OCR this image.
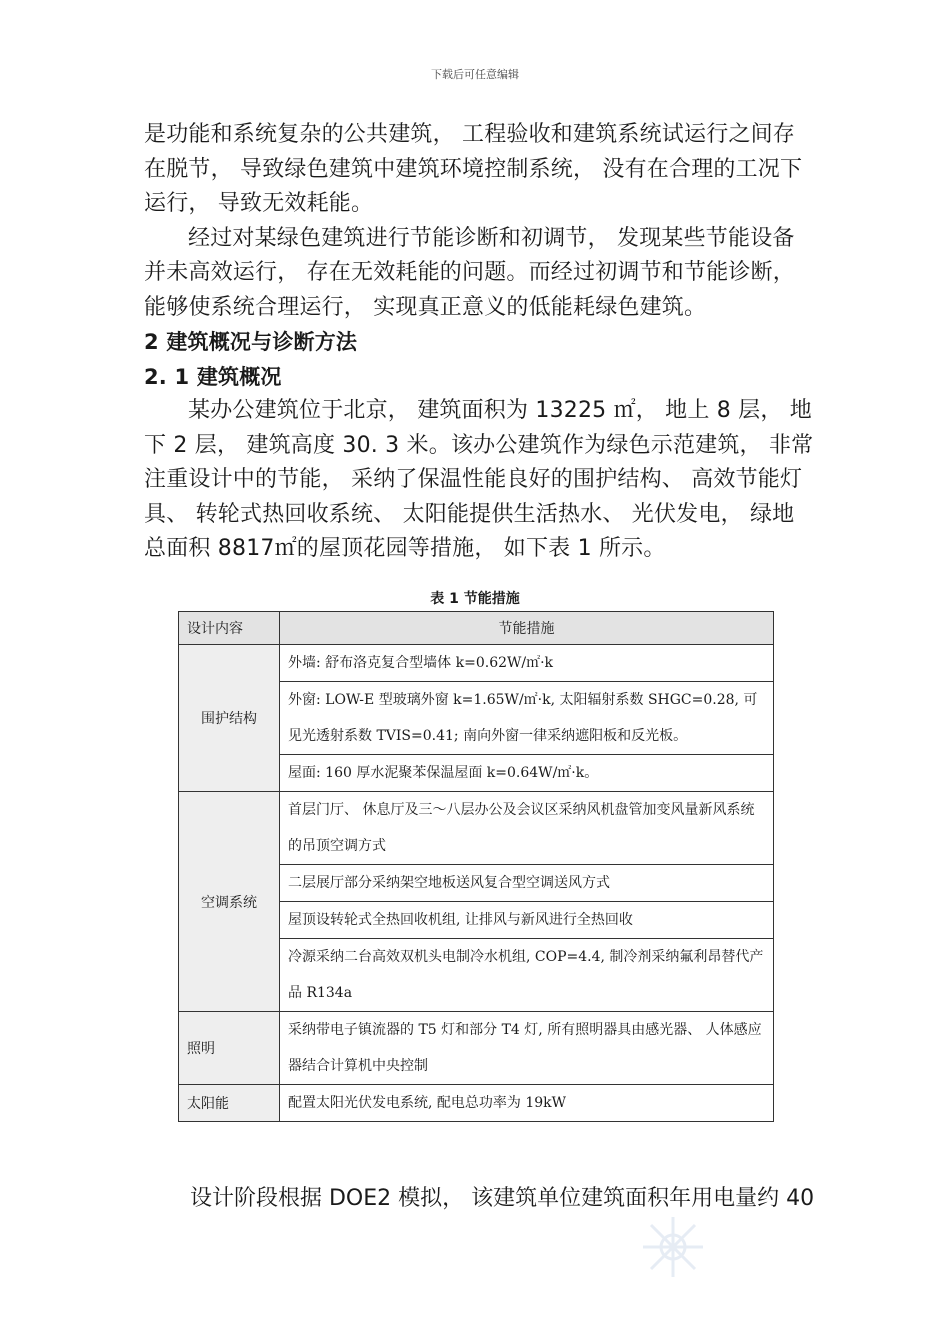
下载后可任意编辑

是功能和系统复杂的公共建筑， 工程验收和建筑系统试运行之间存在脱节， 导致绿色建筑中建筑环境控制系统， 没有在合理的工况下运行， 导致无效耗能。

经过对某绿色建筑进行节能诊断和初调节， 发现某些节能设备并未高效运行， 存在无效耗能的问题。而经过初调节和节能诊断， 能够使系统合理运行， 实现真正意义的低能耗绿色建筑。

2 建筑概况与诊断方法

2. 1 建筑概况

某办公建筑位于北京， 建筑面积为 13225 ㎡， 地上 8 层， 地下 2 层， 建筑高度 30. 3 米。该办公建筑作为绿色示范建筑， 非常注重设计中的节能， 采纳了保温性能良好的围护结构、 高效节能灯具、 转轮式热回收系统、 太阳能提供生活热水、 光伏发电， 绿地总面积 8817㎡的屋顶花园等措施， 如下表 1 所示。

表 1 节能措施
设计内容	节能措施
围护结构	外墙: 舒布洛克复合型墙体 k=0.62W/㎡·k
	外窗: LOW-E 型玻璃外窗 k=1.65W/㎡·k, 太阳辐射系数 SHGC=0.28, 可见光透射系数 TVIS=0.41; 南向外窗一律采纳遮阳板和反光板。
	屋面: 160 厚水泥聚苯保温屋面 k=0.64W/㎡·k。
空调系统	首层门厅、 休息厅及三～八层办公及会议区采纳风机盘管加变风量新风系统的吊顶空调方式
	二层展厅部分采纳架空地板送风复合型空调送风方式
	屋顶设转轮式全热回收机组, 让排风与新风进行全热回收
	冷源采纳二台高效双机头电制冷水机组, COP=4.4, 制冷剂采纳氟利昂替代产品 R134a
照明	采纳带电子镇流器的 T5 灯和部分 T4 灯, 所有照明器具由感光器、 人体感应器结合计算机中央控制
太阳能	配置太阳光伏发电系统, 配电总功率为 19kW
设计阶段根据 DOE2 模拟， 该建筑单位建筑面积年用电量约 40
